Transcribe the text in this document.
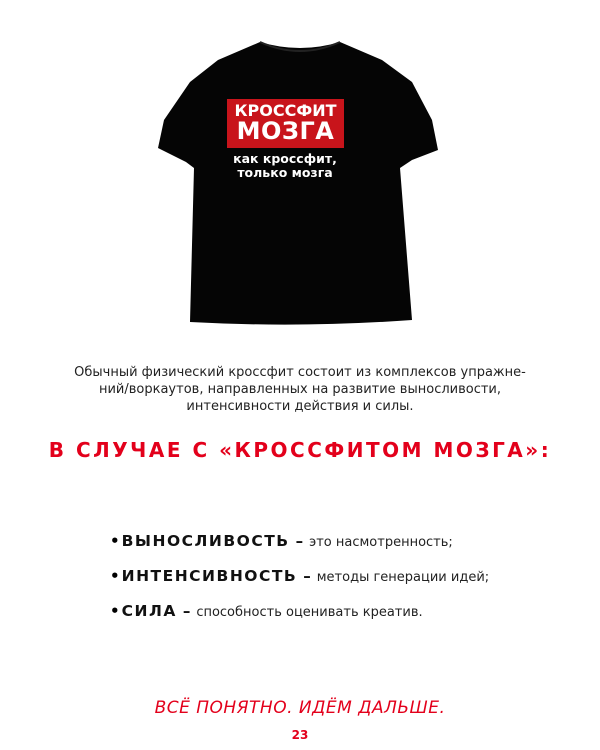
КРОССФИТ
МОЗГА
как кроссфит,
только мозга
Обычный физический кроссфит состоит из комплексов упражне-
ний/воркаутов, направленных на развитие выносливости,
интенсивности действия и силы.
В СЛУЧАЕ С «КРОССФИТОМ МОЗГА»:
• ВЫНОСЛИВОСТЬ – это насмотренность;
• ИНТЕНСИВНОСТЬ – методы генерации идей;
• СИЛА – способность оценивать креатив.
ВСЁ ПОНЯТНО. ИДЁМ ДАЛЬШЕ.
23
